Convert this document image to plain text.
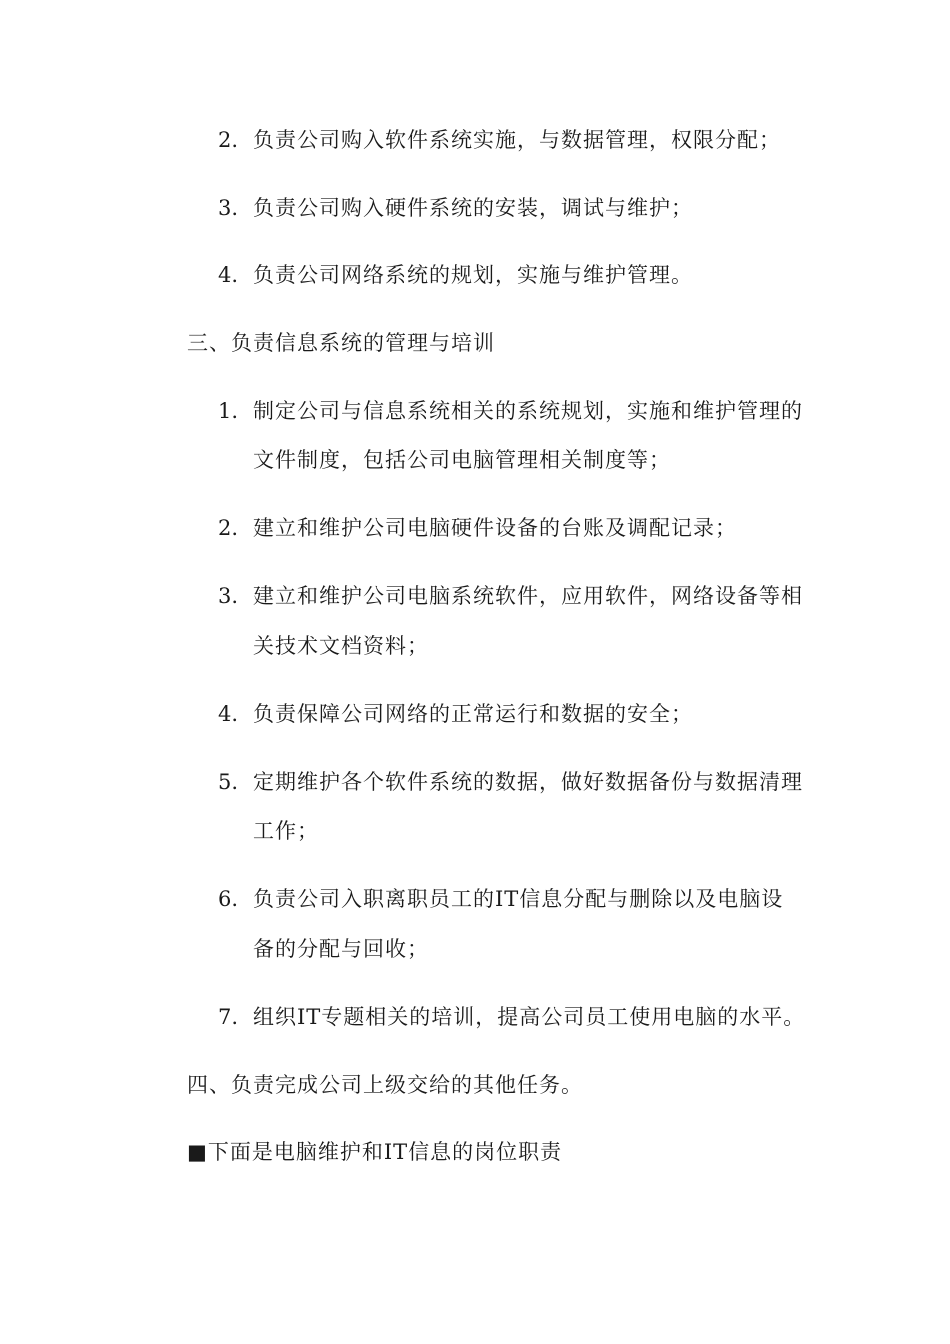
2. 负责公司购入软件系统实施，与数据管理，权限分配；
3. 负责公司购入硬件系统的安装，调试与维护；
4. 负责公司网络系统的规划，实施与维护管理。
三、负责信息系统的管理与培训
1. 制定公司与信息系统相关的系统规划，实施和维护管理的
文件制度，包括公司电脑管理相关制度等；
2. 建立和维护公司电脑硬件设备的台账及调配记录；
3. 建立和维护公司电脑系统软件，应用软件，网络设备等相
关技术文档资料；
4. 负责保障公司网络的正常运行和数据的安全；
5. 定期维护各个软件系统的数据，做好数据备份与数据清理
工作；
6. 负责公司入职离职员工的IT信息分配与删除以及电脑设
备的分配与回收；
7. 组织IT专题相关的培训，提高公司员工使用电脑的水平。
四、负责完成公司上级交给的其他任务。
■下面是电脑维护和IT信息的岗位职责
